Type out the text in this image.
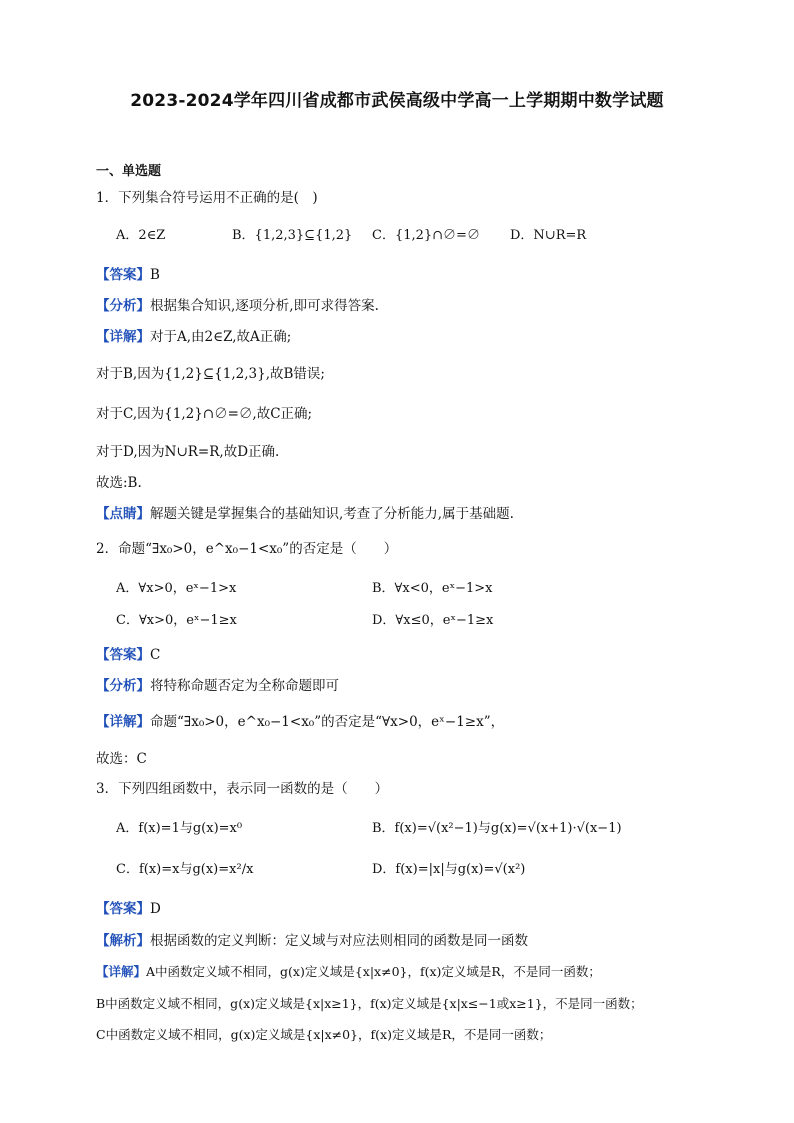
2023-2024学年四川省成都市武侯高级中学高一上学期期中数学试题
一、单选题
1．下列集合符号运用不正确的是(　)
A．2∈Z	B．{1,2,3}⊆{1,2} C．{1,2}∩∅=∅ D．N∪R=R
【答案】B
【分析】根据集合知识,逐项分析,即可求得答案.
【详解】对于A,由2∈Z,故A正确;
对于B,因为{1,2}⊆{1,2,3},故B错误;
对于C,因为{1,2}∩∅=∅,故C正确;
对于D,因为N∪R=R,故D正确.
故选:B.
【点睛】解题关键是掌握集合的基础知识,考查了分析能力,属于基础题.
2．命题“∃x₀>0，e^x₀−1<x₀”的否定是（　　）
A．∀x>0，eˣ−1>x	B．∀x<0，eˣ−1>x
C．∀x>0，eˣ−1≥x	D．∀x≤0，eˣ−1≥x
【答案】C
【分析】将特称命题否定为全称命题即可
【详解】命题“∃x₀>0，e^x₀−1<x₀”的否定是“∀x>0，eˣ−1≥x”，
故选：C
3．下列四组函数中，表示同一函数的是（　　）
A．f(x)=1与g(x)=x⁰	B．f(x)=√(x²−1)与g(x)=√(x+1)·√(x−1)
C．f(x)=x与g(x)=x²/x	D．f(x)=|x|与g(x)=√(x²)
【答案】D
【解析】根据函数的定义判断：定义域与对应法则相同的函数是同一函数
【详解】A中函数定义域不相同，g(x)定义域是{x|x≠0}，f(x)定义域是R，不是同一函数；
B中函数定义域不相同，g(x)定义域是{x|x≥1}，f(x)定义域是{x|x≤−1或x≥1}，不是同一函数；
C中函数定义域不相同，g(x)定义域是{x|x≠0}，f(x)定义域是R，不是同一函数；
